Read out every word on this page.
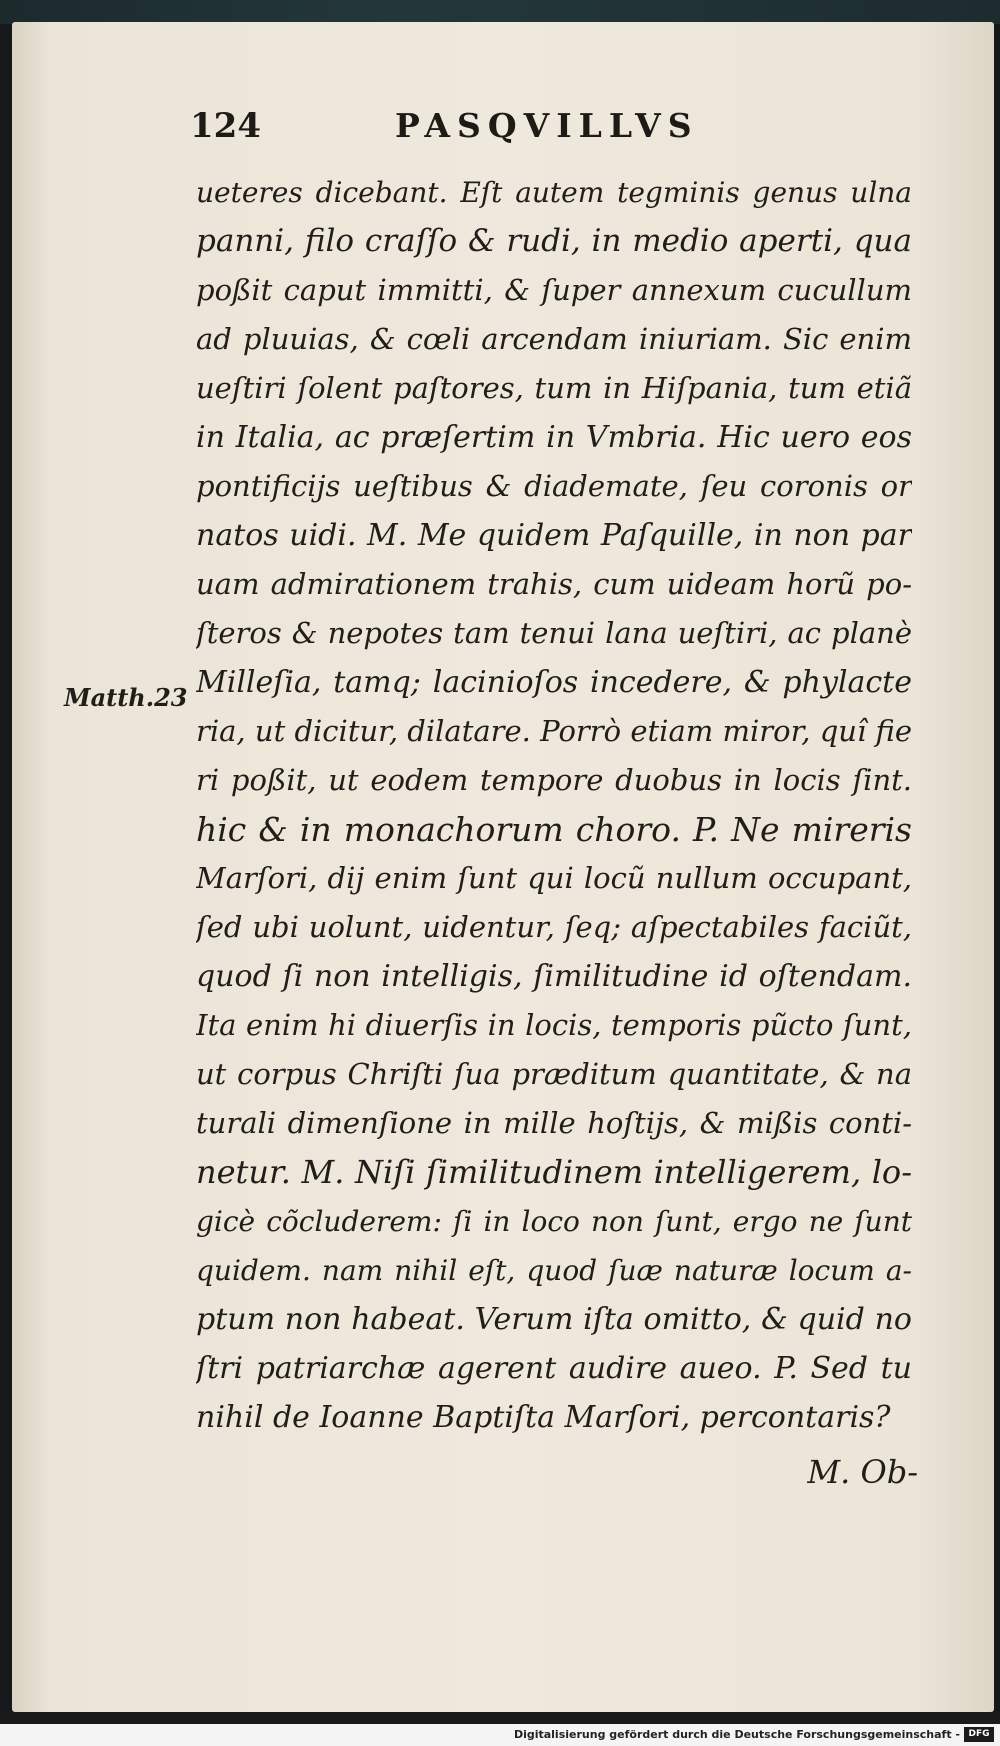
124	PASQVILLVS
Matth.23
ueteres dicebant. Eſt autem tegminis genus ulna
panni, filo craſſo & rudi, in medio aperti, qua
poßit caput immitti, & ſuper annexum cucullum
ad pluuias, & cœli arcendam iniuriam. Sic enim
ueſtiri ſolent paſtores, tum in Hiſpania, tum etiã
in Italia, ac præſertim in Vmbria. Hic uero eos
pontificijs ueſtibus & diademate, ſeu coronis or
natos uidi. M. Me quidem Paſquille, in non par
uam admirationem trahis, cum uideam horũ po-
ſteros & nepotes tam tenui lana ueſtiri, ac planè
Milleſia, tamq; lacinioſos incedere, & phylacte
ria, ut dicitur, dilatare. Porrò etiam miror, quî fie
ri poßit, ut eodem tempore duobus in locis ſint.
hic & in monachorum choro. P. Ne mireris
Marſori, dij enim ſunt qui locũ nullum occupant,
ſed ubi uolunt, uidentur, ſeq; aſpectabiles faciũt,
quod ſi non intelligis, ſimilitudine id oſtendam.
Ita enim hi diuerſis in locis, temporis pũcto ſunt,
ut corpus Chriſti ſua præditum quantitate, & na
turali dimenſione in mille hoſtijs, & mißis conti-
netur. M. Niſi ſimilitudinem intelligerem, lo-
gicè cõcluderem: ſi in loco non ſunt, ergo ne ſunt
quidem. nam nihil eſt, quod ſuæ naturæ locum a-
ptum non habeat. Verum iſta omitto, & quid no
ſtri patriarchæ agerent audire aueo. P. Sed tu
nihil de Ioanne Baptiſta Marſori, percontaris?
M. Ob-
Digitalisierung gefördert durch die Deutsche Forschungsgemeinschaft - DFG
